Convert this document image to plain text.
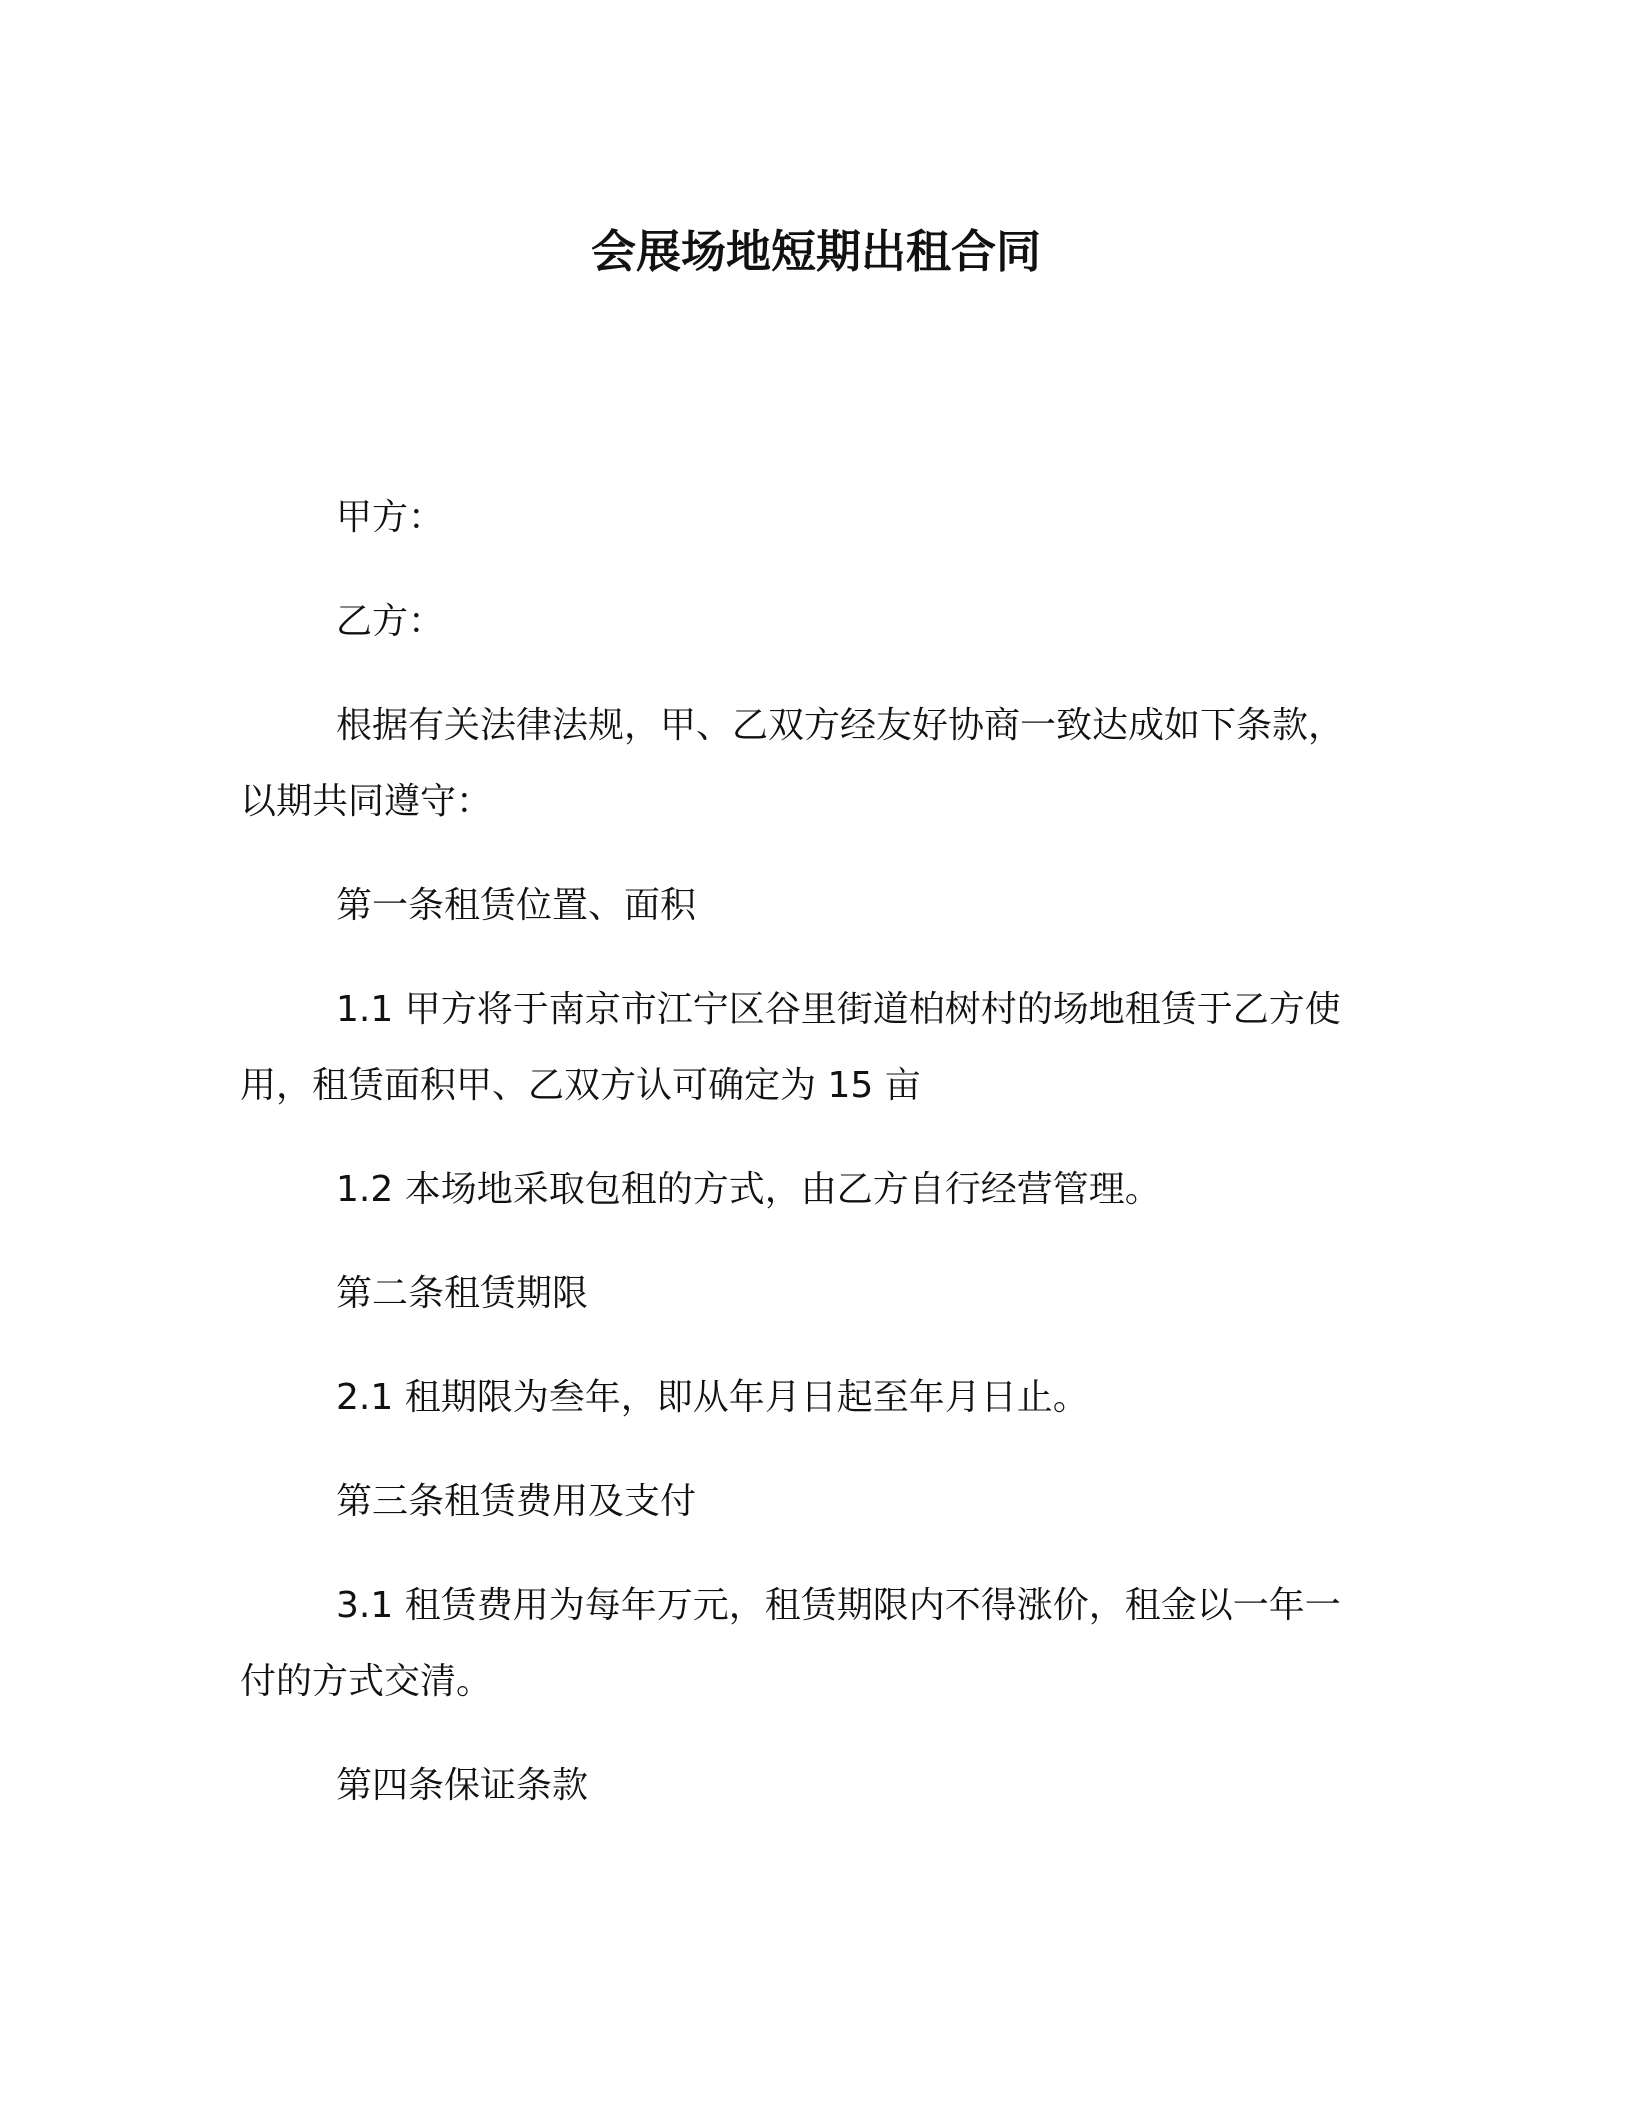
会展场地短期出租合同

甲方：

乙方：

根据有关法律法规，甲、乙双方经友好协商一致达成如下条款，
以期共同遵守：

第一条租赁位置、面积

1.1 甲方将于南京市江宁区谷里街道柏树村的场地租赁于乙方使
用，租赁面积甲、乙双方认可确定为 15 亩

1.2 本场地采取包租的方式，由乙方自行经营管理。

第二条租赁期限

2.1 租期限为叁年，即从年月日起至年月日止。

第三条租赁费用及支付

3.1 租赁费用为每年万元，租赁期限内不得涨价，租金以一年一
付的方式交清。

第四条保证条款
